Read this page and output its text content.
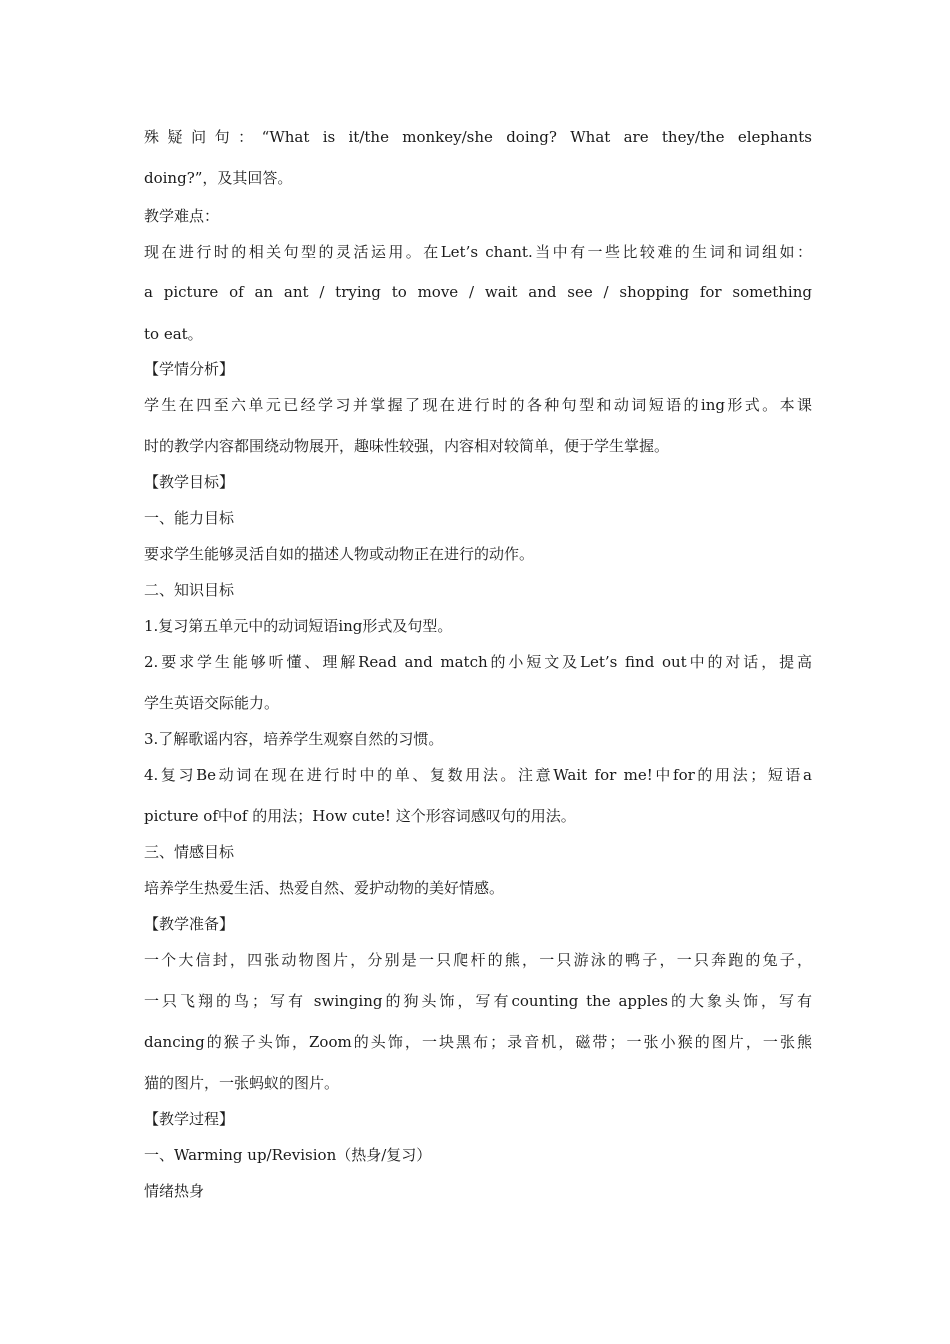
殊疑问句：“What is it/the monkey/she doing? What are they/the elephants
doing?”，及其回答。
教学难点：
现在进行时的相关句型的灵活运用。在Let’s chant.当中有一些比较难的生词和词组如：
a picture of an ant / trying to move / wait and see / shopping for something
to eat。
【学情分析】
学生在四至六单元已经学习并掌握了现在进行时的各种句型和动词短语的ing形式。本课
时的教学内容都围绕动物展开，趣味性较强，内容相对较简单，便于学生掌握。
【教学目标】
一、能力目标
要求学生能够灵活自如的描述人物或动物正在进行的动作。
二、知识目标
1.复习第五单元中的动词短语ing形式及句型。
2.要求学生能够听懂、理解Read and match的小短文及Let’s find out中的对话，提高
学生英语交际能力。
3.了解歌谣内容，培养学生观察自然的习惯。
4.复习Be动词在现在进行时中的单、复数用法。注意Wait for me!中for的用法；短语a
picture of中of 的用法；How cute! 这个形容词感叹句的用法。
三、情感目标
培养学生热爱生活、热爱自然、爱护动物的美好情感。
【教学准备】
一个大信封，四张动物图片，分别是一只爬杆的熊，一只游泳的鸭子，一只奔跑的兔子，
一只飞翔的鸟；写有 swinging的狗头饰，写有counting the apples的大象头饰，写有
dancing的猴子头饰，Zoom的头饰，一块黑布；录音机，磁带；一张小猴的图片，一张熊
猫的图片，一张蚂蚁的图片。
【教学过程】
一、Warming up/Revision（热身/复习）
情绪热身
